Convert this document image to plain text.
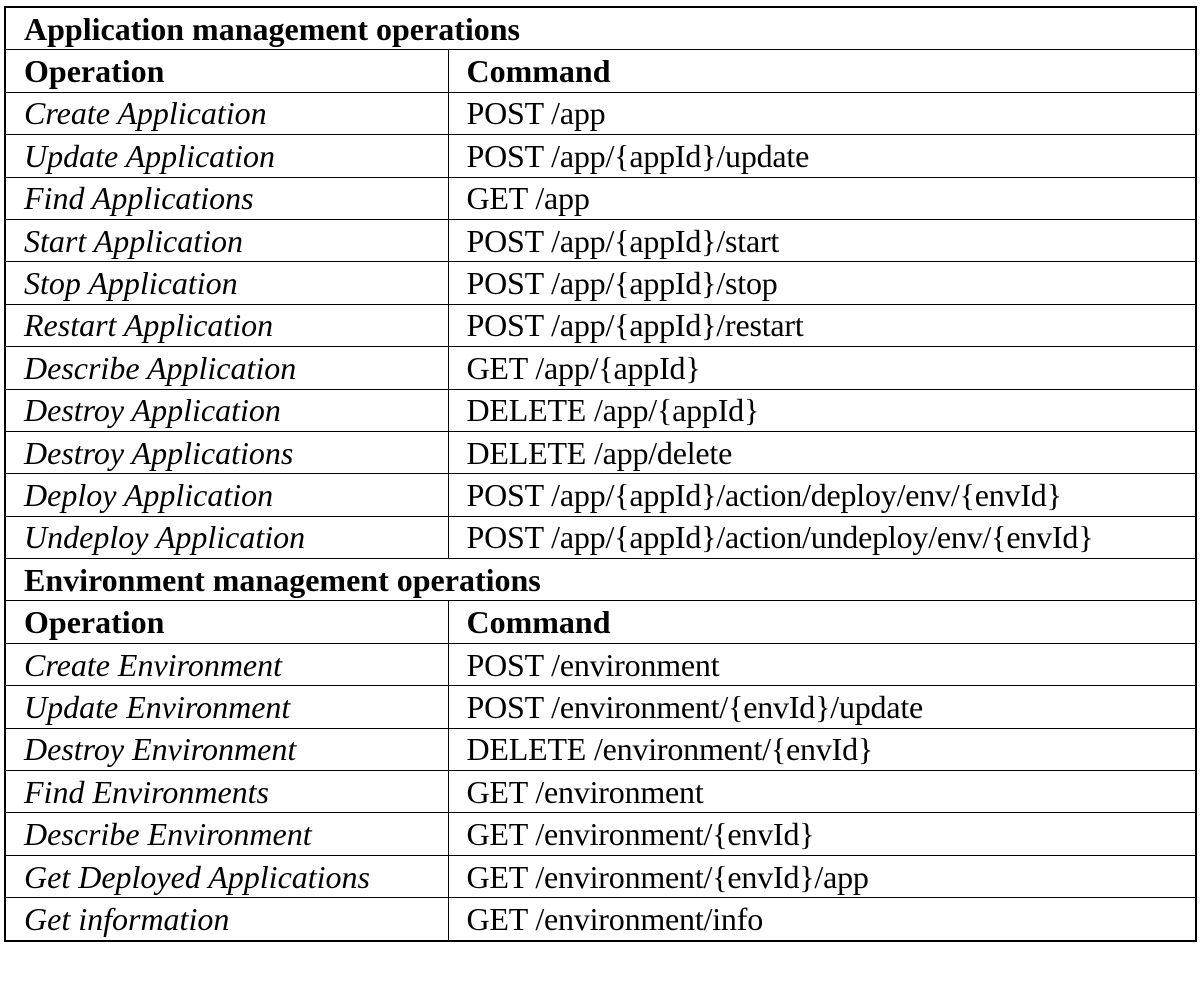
Application management operations	
Operation	Command
Create Application	POST /app
Update Application	POST /app/{appId}/update
Find Applications	GET /app
Start Application	POST /app/{appId}/start
Stop Application	POST /app/{appId}/stop
Restart Application	POST /app/{appId}/restart
Describe Application	GET /app/{appId}
Destroy Application	DELETE /app/{appId}
Destroy Applications	DELETE /app/delete
Deploy Application	POST /app/{appId}/action/deploy/env/{envId}
Undeploy Application	POST /app/{appId}/action/undeploy/env/{envId}
Environment management operations	
Operation	Command
Create Environment	POST /environment
Update Environment	POST /environment/{envId}/update
Destroy Environment	DELETE /environment/{envId}
Find Environments	GET /environment
Describe Environment	GET /environment/{envId}
Get Deployed Applications	GET /environment/{envId}/app
Get information	GET /environment/info
